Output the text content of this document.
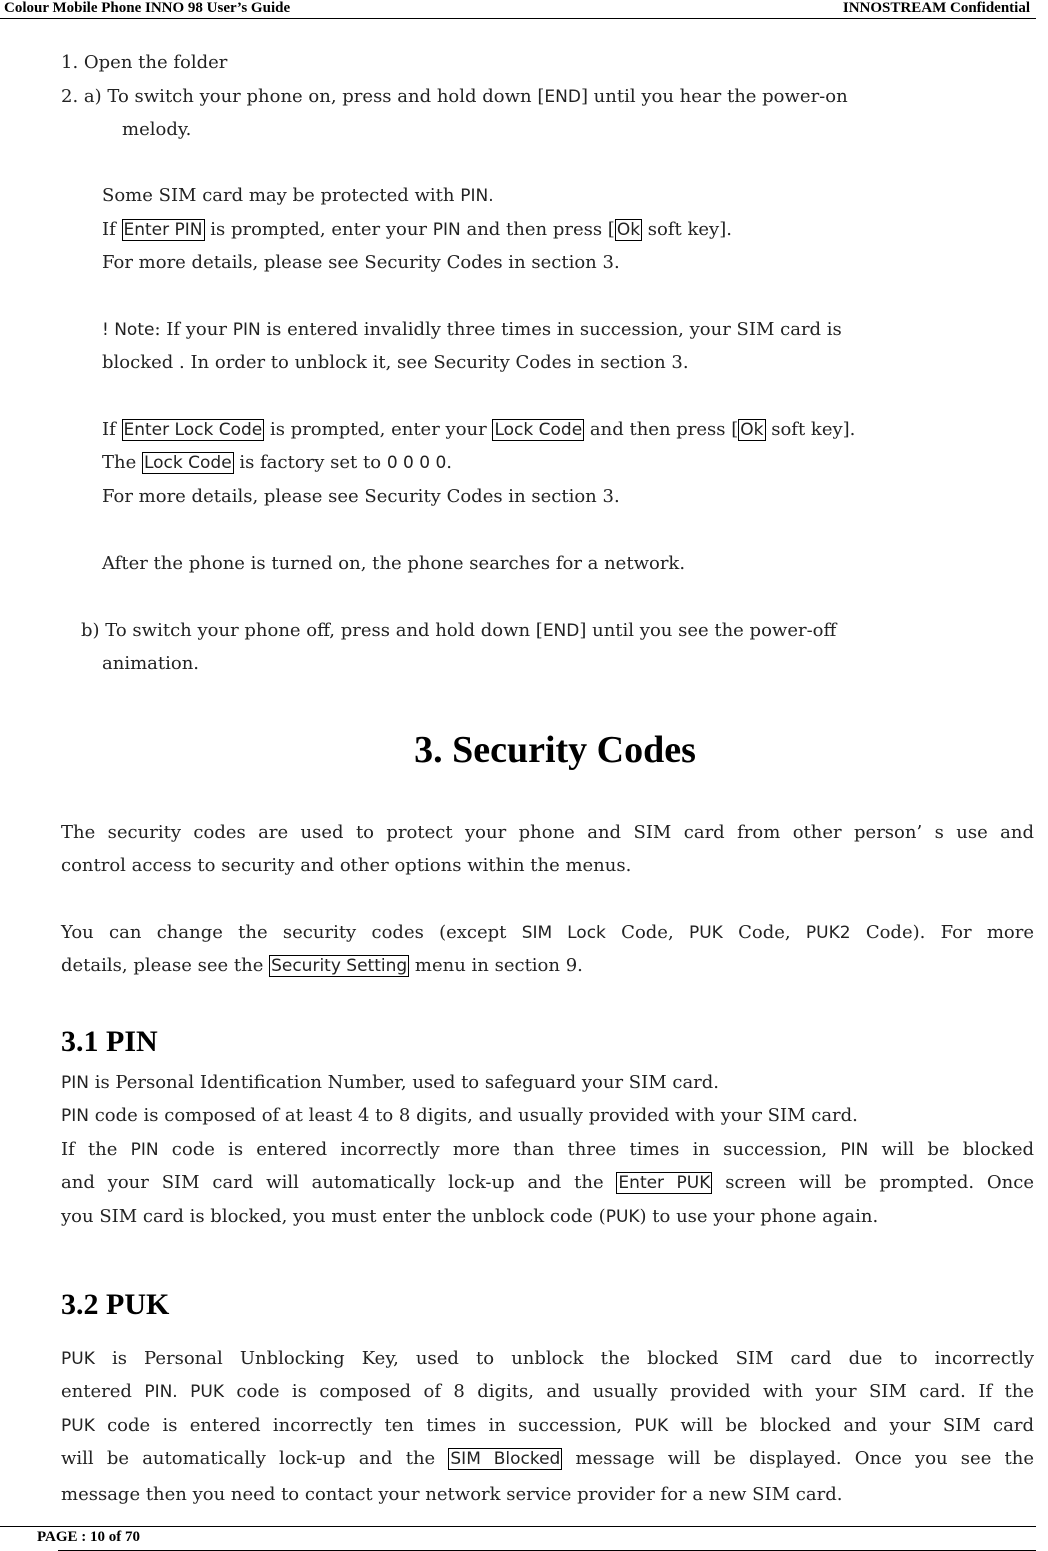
Colour Mobile Phone INNO 98 User’s Guide	INNOSTREAM Confidential
1. Open the folder
2. a) To switch your phone on, press and hold down [END] until you hear the power-on
melody.
Some SIM card may be protected with PIN.
If Enter PIN is prompted, enter your PIN and then press [ Ok soft key].
For more details, please see Security Codes in section 3.
! Note: If your PIN is entered invalidly three times in succession, your SIM card is
blocked . In order to unblock it, see Security Codes in section 3.
If Enter Lock Code is prompted, enter your Lock Code and then press [ Ok soft key].
The Lock Code is factory set to 0 0 0 0.
For more details, please see Security Codes in section 3.
After the phone is turned on, the phone searches for a network.
b) To switch your phone off, press and hold down [END] until you see the power-off
animation.
3. Security Codes
The security codes are used to protect your phone and SIM card from other person’ s use and
control access to security and other options within the menus.
You can change the security codes (except SIM Lock Code, PUK Code, PUK2 Code). For more
details, please see the Security Setting menu in section 9.
3.1 PIN
PIN is Personal Identification Number, used to safeguard your SIM card.
PIN code is composed of at least 4 to 8 digits, and usually provided with your SIM card.
If the PIN code is entered incorrectly more than three times in succession, PIN will be blocked
and your SIM card will automatically lock-up and the Enter PUK screen will be prompted. Once
you SIM card is blocked, you must enter the unblock code (PUK) to use your phone again.
3.2 PUK
PUK is Personal Unblocking Key, used to unblock the blocked SIM card due to incorrectly
entered PIN. PUK code is composed of 8 digits, and usually provided with your SIM card. If the
PUK code is entered incorrectly ten times in succession, PUK will be blocked and your SIM card
will be automatically lock-up and the SIM Blocked message will be displayed. Once you see the
message then you need to contact your network service provider for a new SIM card.
PAGE : 10 of 70
